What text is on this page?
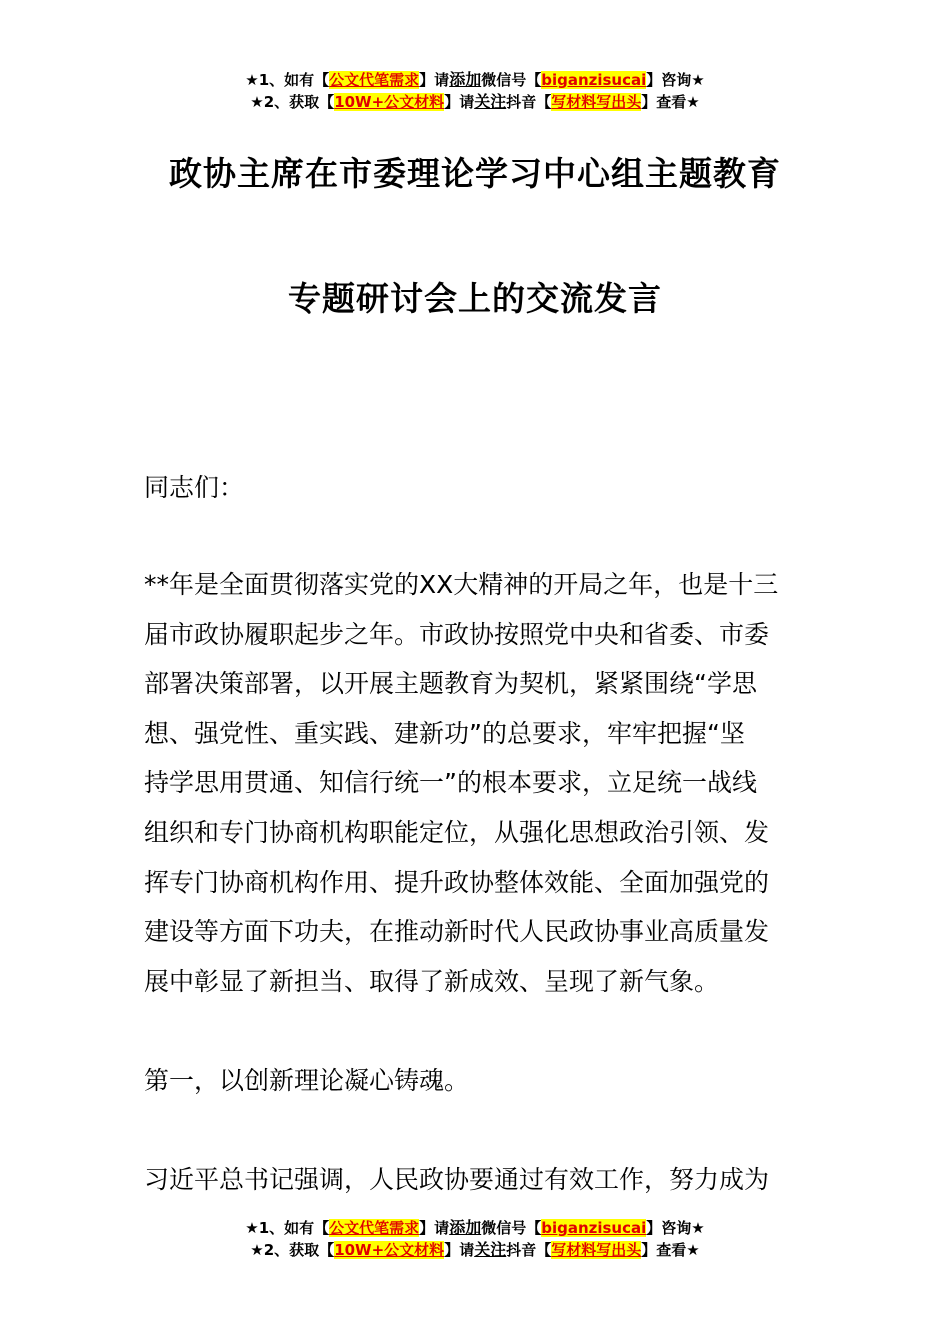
★1、如有【公文代笔需求】请添加微信号【biganzisucai】咨询★
★2、获取【10W+公文材料】请关注抖音【写材料写出头】查看★
政协主席在市委理论学习中心组主题教育
专题研讨会上的交流发言
同志们：
**年是全面贯彻落实党的XX大精神的开局之年，也是十三
届市政协履职起步之年。市政协按照党中央和省委、市委
部署决策部署，以开展主题教育为契机，紧紧围绕“学思
想、强党性、重实践、建新功”的总要求，牢牢把握“坚
持学思用贯通、知信行统一”的根本要求，立足统一战线
组织和专门协商机构职能定位，从强化思想政治引领、发
挥专门协商机构作用、提升政协整体效能、全面加强党的
建设等方面下功夫，在推动新时代人民政协事业高质量发
展中彰显了新担当、取得了新成效、呈现了新气象。
第一，以创新理论凝心铸魂。
习近平总书记强调，人民政协要通过有效工作，努力成为
★1、如有【公文代笔需求】请添加微信号【biganzisucai】咨询★
★2、获取【10W+公文材料】请关注抖音【写材料写出头】查看★
